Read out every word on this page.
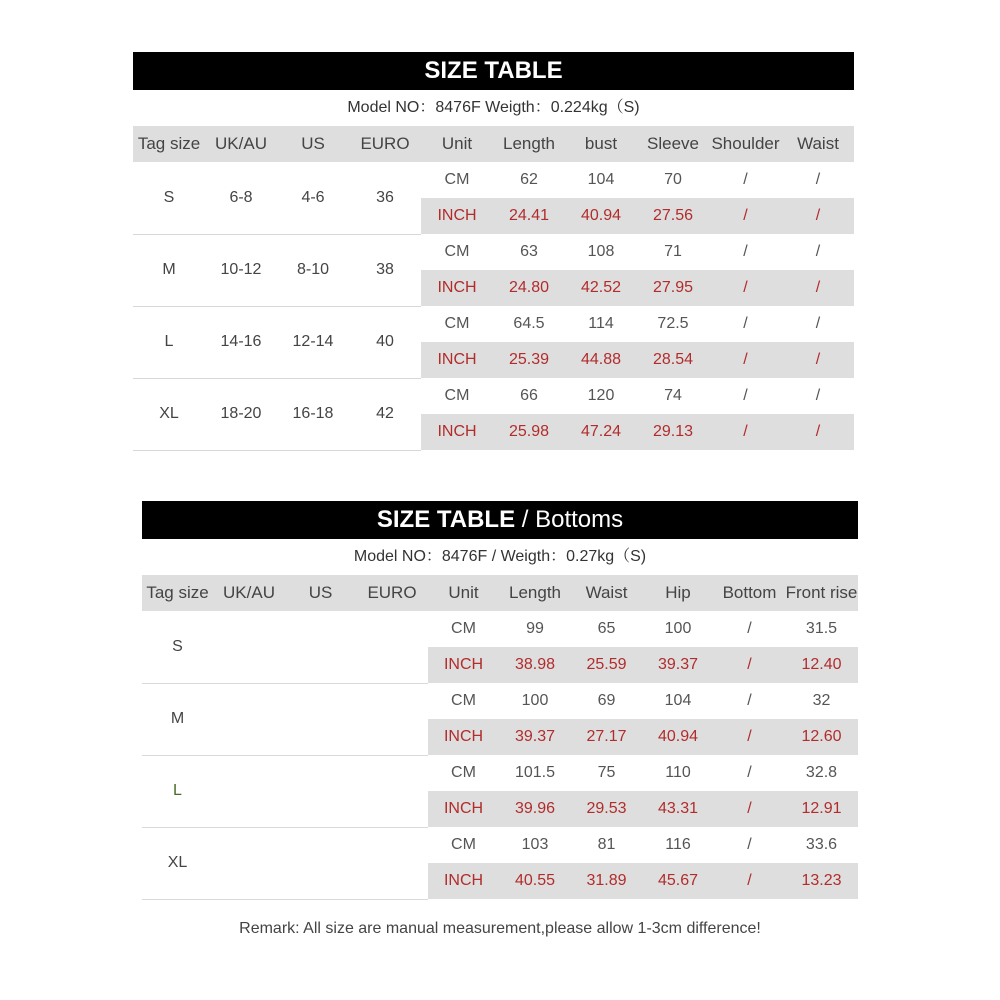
SIZE TABLE
Model NO：8476F Weigth：0.224kg（S)
Tag size	UK/AU	US	EURO	Unit	Length	bust	Sleeve	Shoulder	Waist
S	6-8	4-6	36	CM	62	104	70	/	/
				INCH	24.41	40.94	27.56	/	/
M	10-12	8-10	38	CM	63	108	71	/	/
				INCH	24.80	42.52	27.95	/	/
L	14-16	12-14	40	CM	64.5	114	72.5	/	/
				INCH	25.39	44.88	28.54	/	/
XL	18-20	16-18	42	CM	66	120	74	/	/
				INCH	25.98	47.24	29.13	/	/
SIZE TABLE / Bottoms
Model NO：8476F / Weigth：0.27kg（S)
Tag size	UK/AU	US	EURO	Unit	Length	Waist	Hip	Bottom	Front rise
S				CM	99	65	100	/	31.5
				INCH	38.98	25.59	39.37	/	12.40
M				CM	100	69	104	/	32
				INCH	39.37	27.17	40.94	/	12.60
L				CM	101.5	75	110	/	32.8
				INCH	39.96	29.53	43.31	/	12.91
XL				CM	103	81	116	/	33.6
				INCH	40.55	31.89	45.67	/	13.23
Remark: All size are manual measurement,please allow 1-3cm difference!
